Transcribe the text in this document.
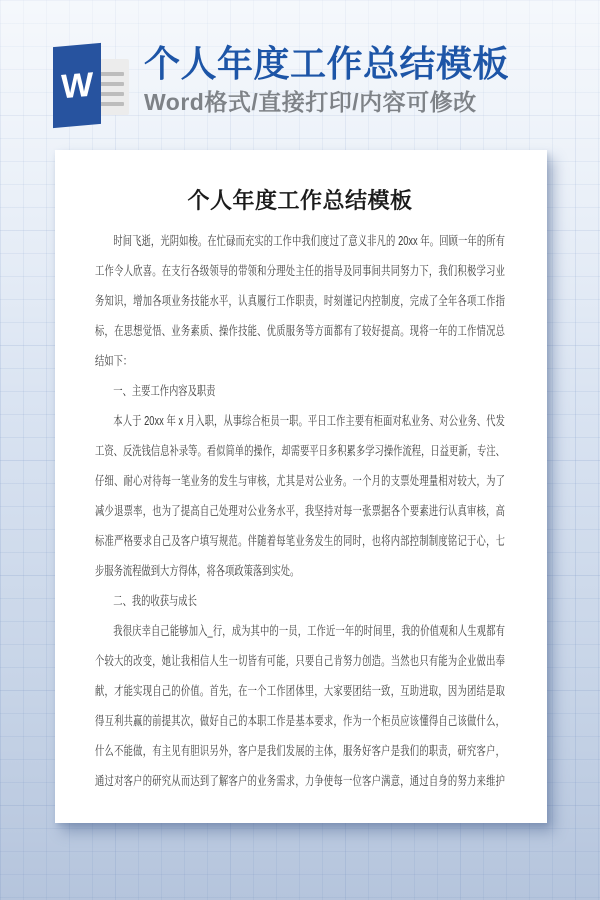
W
个人年度工作总结模板
Word格式/直接打印/内容可修改
个人年度工作总结模板
时间飞逝，光阴如梭。在忙碌而充实的工作中我们度过了意义非凡的 20xx 年。回顾一年的所有
工作令人欣喜。在支行各级领导的带领和分理处主任的指导及同事间共同努力下，我们积极学习业
务知识，增加各项业务技能水平，认真履行工作职责，时刻谨记内控制度，完成了全年各项工作指
标，在思想觉悟、业务素质、操作技能、优质服务等方面都有了较好提高。现将一年的工作情况总
结如下：
一、主要工作内容及职责
本人于 20xx 年 x 月入职，从事综合柜员一职。平日工作主要有柜面对私业务、对公业务、代发
工资、反洗钱信息补录等。看似简单的操作，却需要平日多积累多学习操作流程，日益更新，专注、
仔细、耐心对待每一笔业务的发生与审核，尤其是对公业务。一个月的支票处理量相对较大，为了
减少退票率，也为了提高自己处理对公业务水平，我坚持对每一张票据各个要素进行认真审核，高
标准严格要求自己及客户填写规范。伴随着每笔业务发生的同时，也将内部控制制度铭记于心，七
步服务流程做到大方得体，将各项政策落到实处。
二、我的收获与成长
我很庆幸自己能够加入_行，成为其中的一员，工作近一年的时间里，我的价值观和人生观都有
个较大的改变，她让我相信人生一切皆有可能，只要自己肯努力创造。当然也只有能为企业做出奉
献，才能实现自己的价值。首先，在一个工作团体里，大家要团结一致，互助进取，因为团结是取
得互利共赢的前提其次，做好自己的本职工作是基本要求，作为一个柜员应该懂得自己该做什么，
什么不能做，有主见有胆识另外，客户是我们发展的主体，服务好客户是我们的职责，研究客户，
通过对客户的研究从而达到了解客户的业务需求，力争使每一位客户满意，通过自身的努力来维护
